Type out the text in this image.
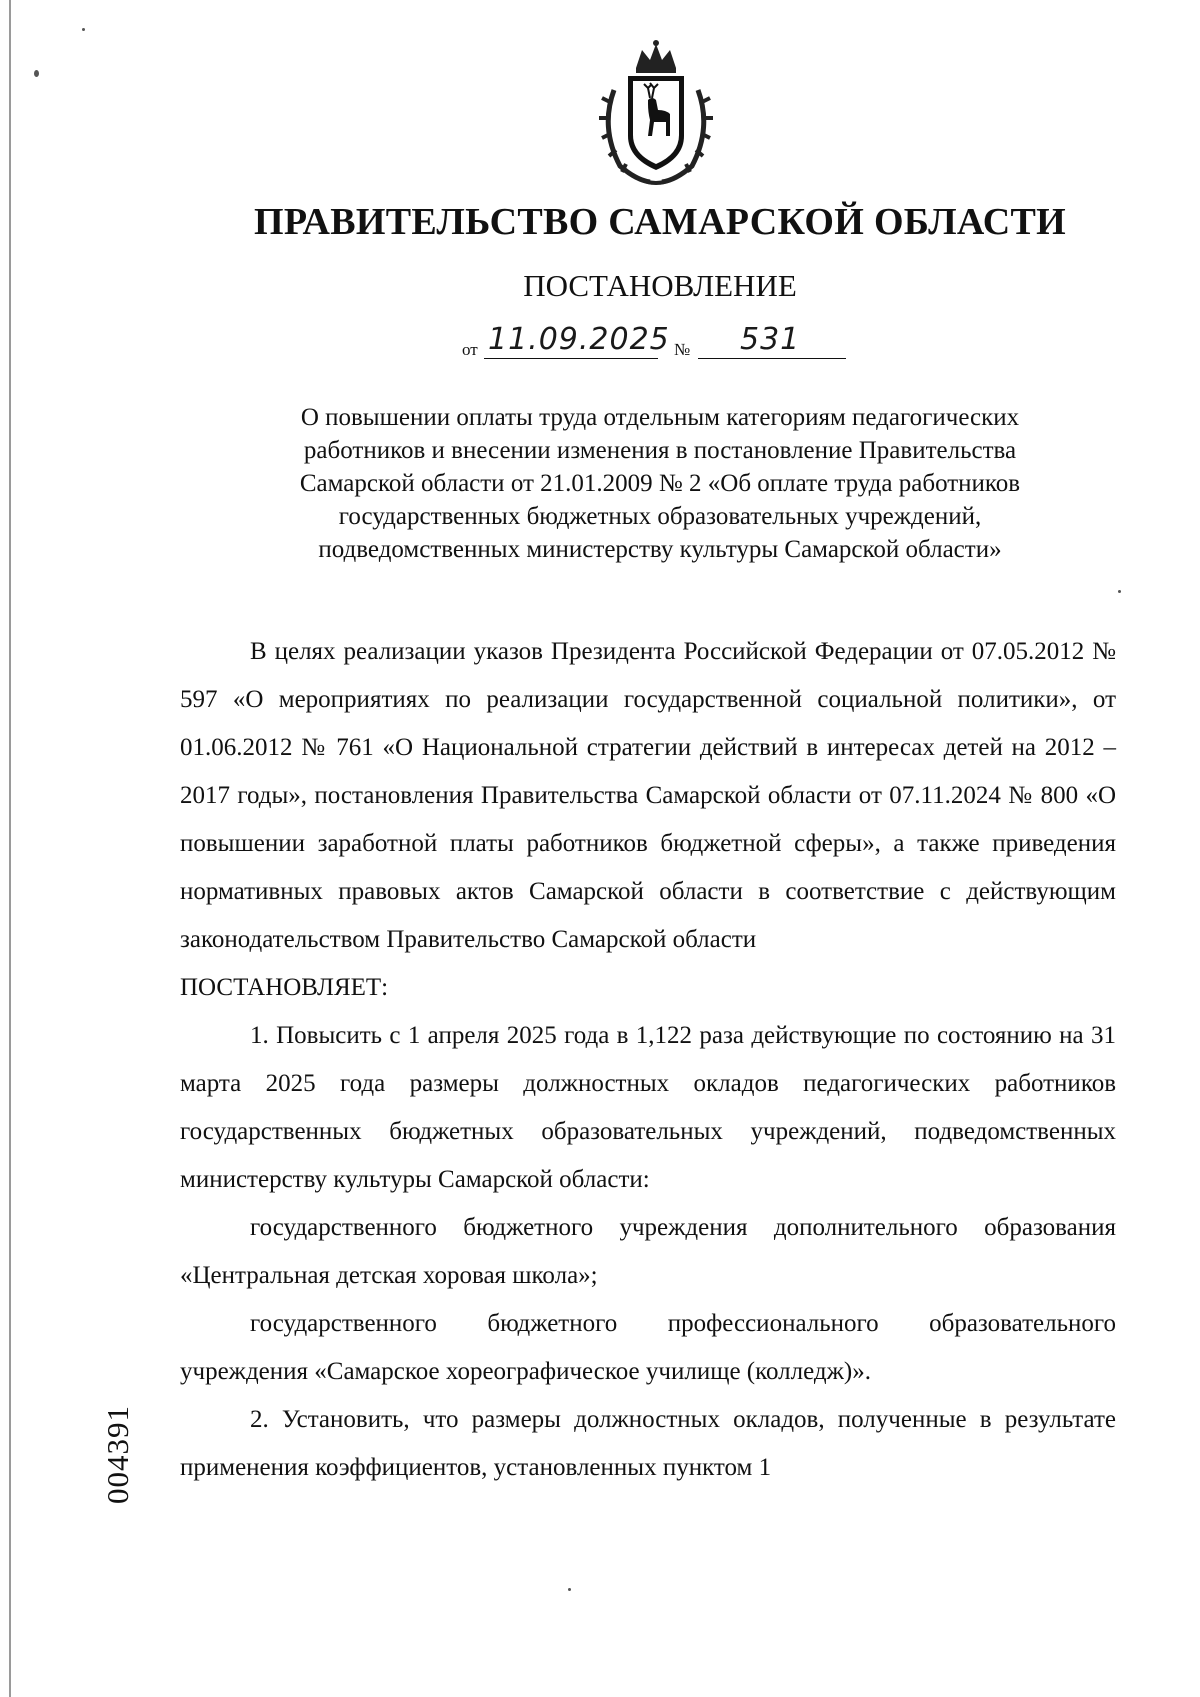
ПРАВИТЕЛЬСТВО САМАРСКОЙ ОБЛАСТИ
ПОСТАНОВЛЕНИЕ
от 11.09.2025 № 531
О повышении оплаты труда отдельным категориям педагогических
работников и внесении изменения в постановление Правительства
Самарской области от 21.01.2009 № 2 «Об оплате труда работников
государственных бюджетных образовательных учреждений,
подведомственных министерству культуры Самарской области»

В целях реализации указов Президента Российской Федерации от 07.05.2012 № 597 «О мероприятиях по реализации государственной социальной политики», от 01.06.2012 № 761 «О Национальной стратегии действий в интересах детей на 2012 – 2017 годы», постановления Правительства Самарской области от 07.11.2024 № 800 «О повышении заработной платы работников бюджетной сферы», а также приведения нормативных правовых актов Самарской области в соответствие с действующим законодательством Правительство Самарской области

ПОСТАНОВЛЯЕТ:

1. Повысить с 1 апреля 2025 года в 1,122 раза действующие по состоянию на 31 марта 2025 года размеры должностных окладов педагогических работников государственных бюджетных образовательных учреждений, подведомственных министерству культуры Самарской области:

государственного бюджетного учреждения дополнительного образования «Центральная детская хоровая школа»;

государственного бюджетного профессионального образовательного учреждения «Самарское хореографическое училище (колледж)».

2. Установить, что размеры должностных окладов, полученные в результате применения коэффициентов, установленных пунктом 1

004391
